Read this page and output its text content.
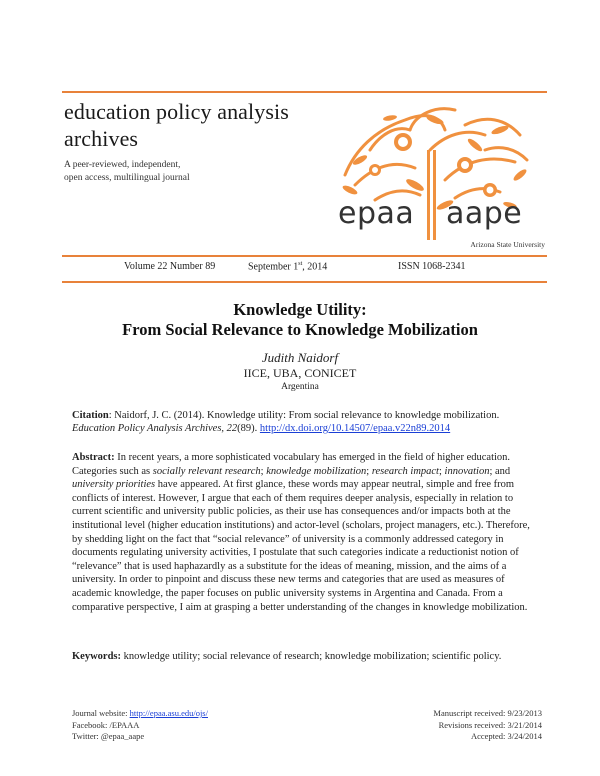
education policy analysis
archives
A peer-reviewed, independent,
open access, multilingual journal
epaa aape
Arizona State University
Volume 22 Number 89	September 1st, 2014	ISSN 1068-2341
Knowledge Utility:
From Social Relevance to Knowledge Mobilization
Judith Naidorf
IICE, UBA, CONICET
Argentina
Citation: Naidorf, J. C. (2014). Knowledge utility: From social relevance to knowledge mobilization. Education Policy Analysis Archives, 22(89). http://dx.doi.org/10.14507/epaa.v22n89.2014
Abstract: In recent years, a more sophisticated vocabulary has emerged in the field of higher education. Categories such as socially relevant research; knowledge mobilization; research impact; innovation; and university priorities have appeared. At first glance, these words may appear neutral, simple and free from conflicts of interest. However, I argue that each of them requires deeper analysis, especially in relation to current scientific and university public policies, as their use has consequences and/or impacts both at the institutional level (higher education institutions) and actor-level (scholars, project managers, etc.). Therefore, by shedding light on the fact that “social relevance” of university is a commonly addressed category in documents regulating university activities, I postulate that such categories indicate a reductionist notion of “relevance” that is used haphazardly as a substitute for the ideas of meaning, mission, and the aims of a university. In order to pinpoint and discuss these new terms and categories that are used as measures of academic knowledge, the paper focuses on public university systems in Argentina and Canada. From a comparative perspective, I aim at grasping a better understanding of the changes in knowledge mobilization.
Keywords: knowledge utility; social relevance of research; knowledge mobilization; scientific policy.
Journal website: http://epaa.asu.edu/ojs/
Facebook: /EPAAA
Twitter: @epaa_aape
Manuscript received: 9/23/2013
Revisions received: 3/21/2014
Accepted: 3/24/2014
